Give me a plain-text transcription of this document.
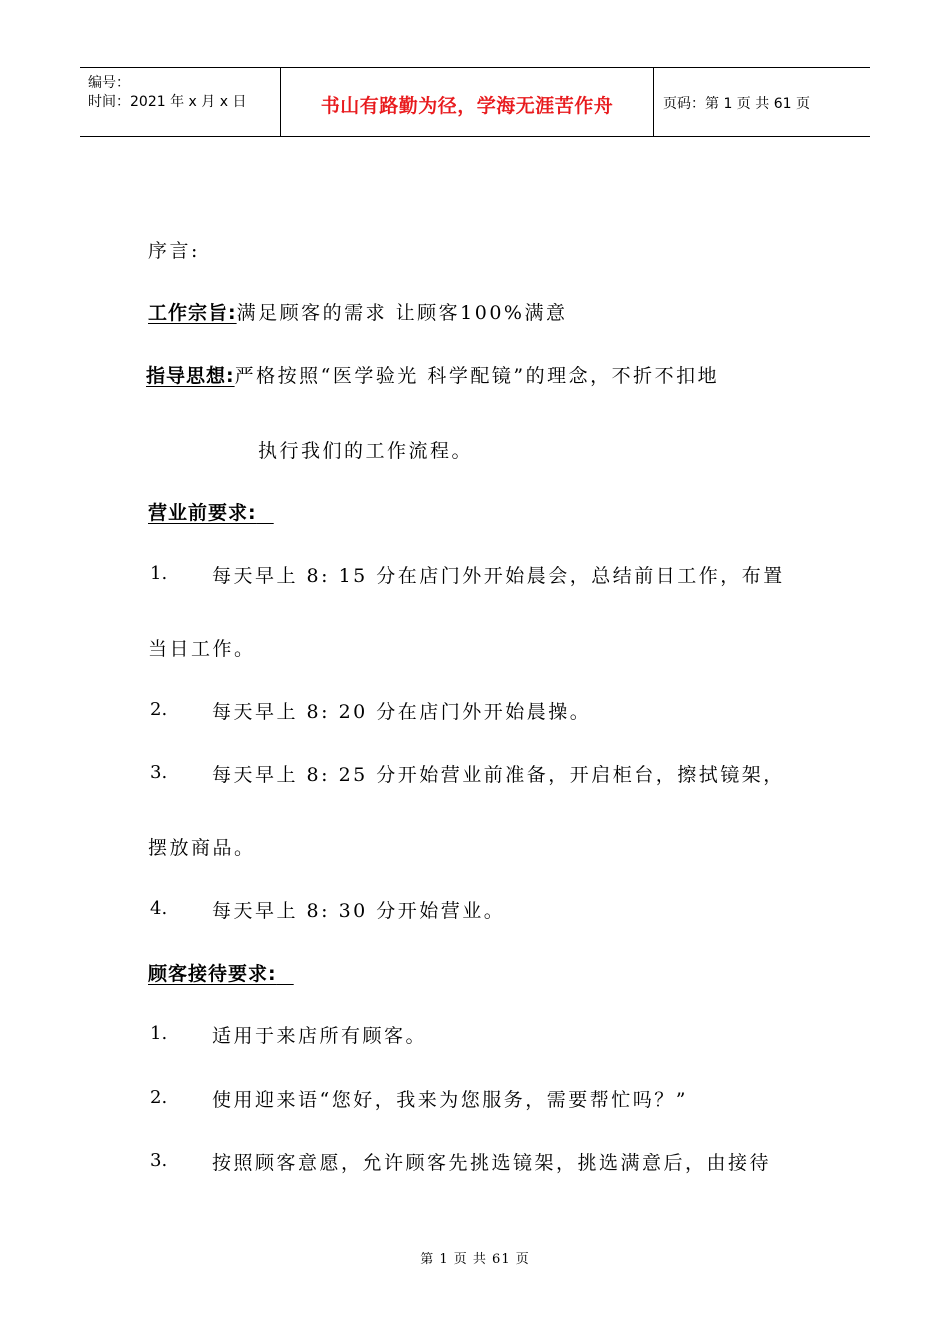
编号：
时间：2021 年 x 月 x 日	书山有路勤为径，学海无涯苦作舟	页码：第 1 页 共 61 页
序言:
工作宗旨:满足顾客的需求 让顾客100%满意
指导思想:严格按照“医学验光 科学配镜”的理念，不折不扣地
执行我们的工作流程。
营业前要求:
1. 每天早上 8: 15 分在店门外开始晨会，总结前日工作，布置
当日工作。
2. 每天早上 8: 20 分在店门外开始晨操。
3. 每天早上 8: 25 分开始营业前准备，开启柜台，擦拭镜架，
摆放商品。
4. 每天早上 8: 30 分开始营业。
顾客接待要求:
1. 适用于来店所有顾客。
2. 使用迎来语“您好，我来为您服务，需要帮忙吗？”
3. 按照顾客意愿，允许顾客先挑选镜架，挑选满意后，由接待
第 1 页 共 61 页
